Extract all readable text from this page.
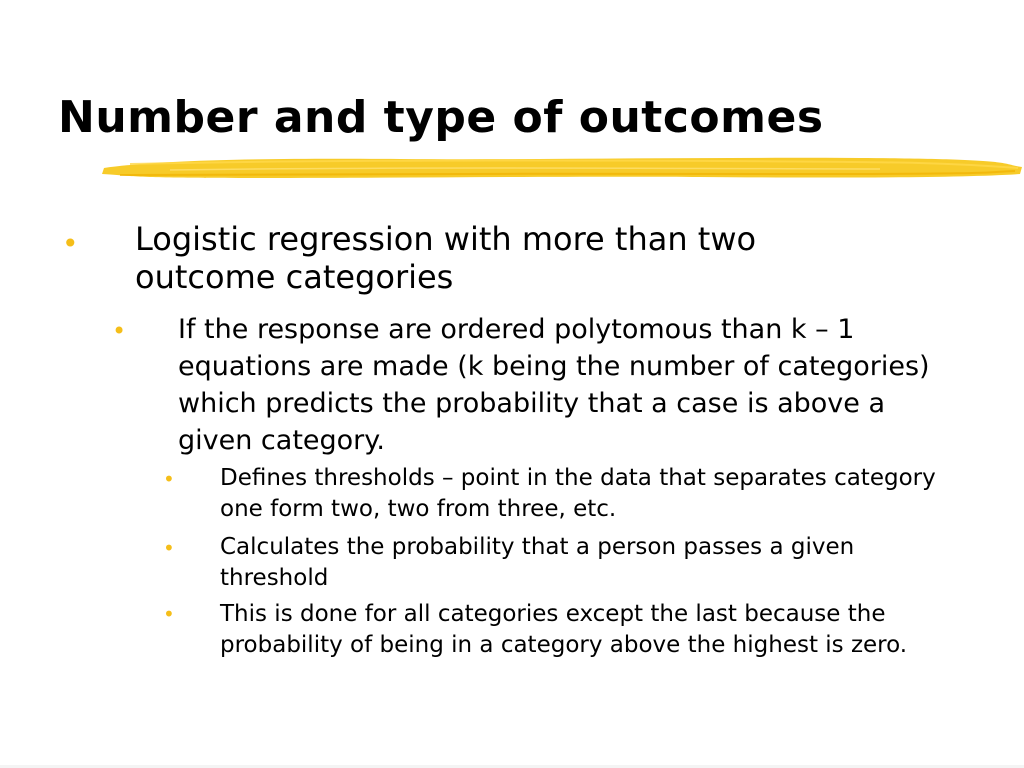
Number and type of outcomes
• Logistic regression with more than two outcome categories

• If the response are ordered polytomous than k – 1 equations are made (k being the number of categories) which predicts the probability that a case is above a given category.

• Defines thresholds – point in the data that separates category one form two, two from three, etc.

• Calculates the probability that a person passes a given threshold

• This is done for all categories except the last because the probability of being in a category above the highest is zero.
